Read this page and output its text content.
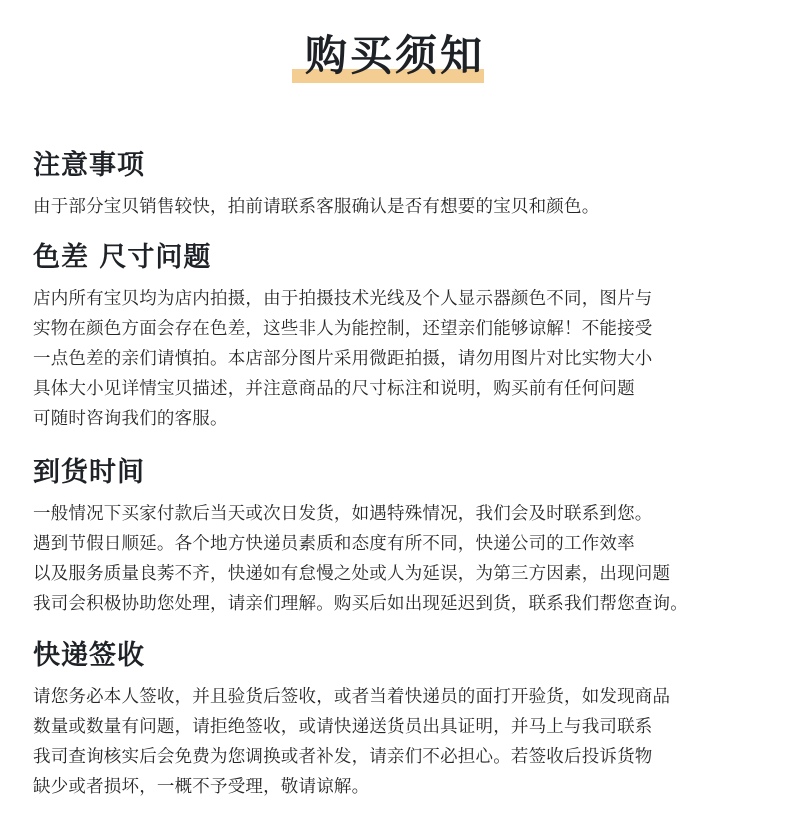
购买须知
注意事项
由于部分宝贝销售较快，拍前请联系客服确认是否有想要的宝贝和颜色。
色差 尺寸问题
店内所有宝贝均为店内拍摄，由于拍摄技术光线及个人显示器颜色不同，图片与
实物在颜色方面会存在色差，这些非人为能控制，还望亲们能够谅解！不能接受
一点色差的亲们请慎拍。本店部分图片采用微距拍摄，请勿用图片对比实物大小
具体大小见详情宝贝描述，并注意商品的尺寸标注和说明，购买前有任何问题
可随时咨询我们的客服。
到货时间
一般情况下买家付款后当天或次日发货，如遇特殊情况，我们会及时联系到您。
遇到节假日顺延。各个地方快递员素质和态度有所不同，快递公司的工作效率
以及服务质量良莠不齐，快递如有怠慢之处或人为延误，为第三方因素，出现问题
我司会积极协助您处理，请亲们理解。购买后如出现延迟到货，联系我们帮您查询。
快递签收
请您务必本人签收，并且验货后签收，或者当着快递员的面打开验货，如发现商品
数量或数量有问题，请拒绝签收，或请快递送货员出具证明，并马上与我司联系
我司查询核实后会免费为您调换或者补发，请亲们不必担心。若签收后投诉货物
缺少或者损坏，一概不予受理，敬请谅解。
